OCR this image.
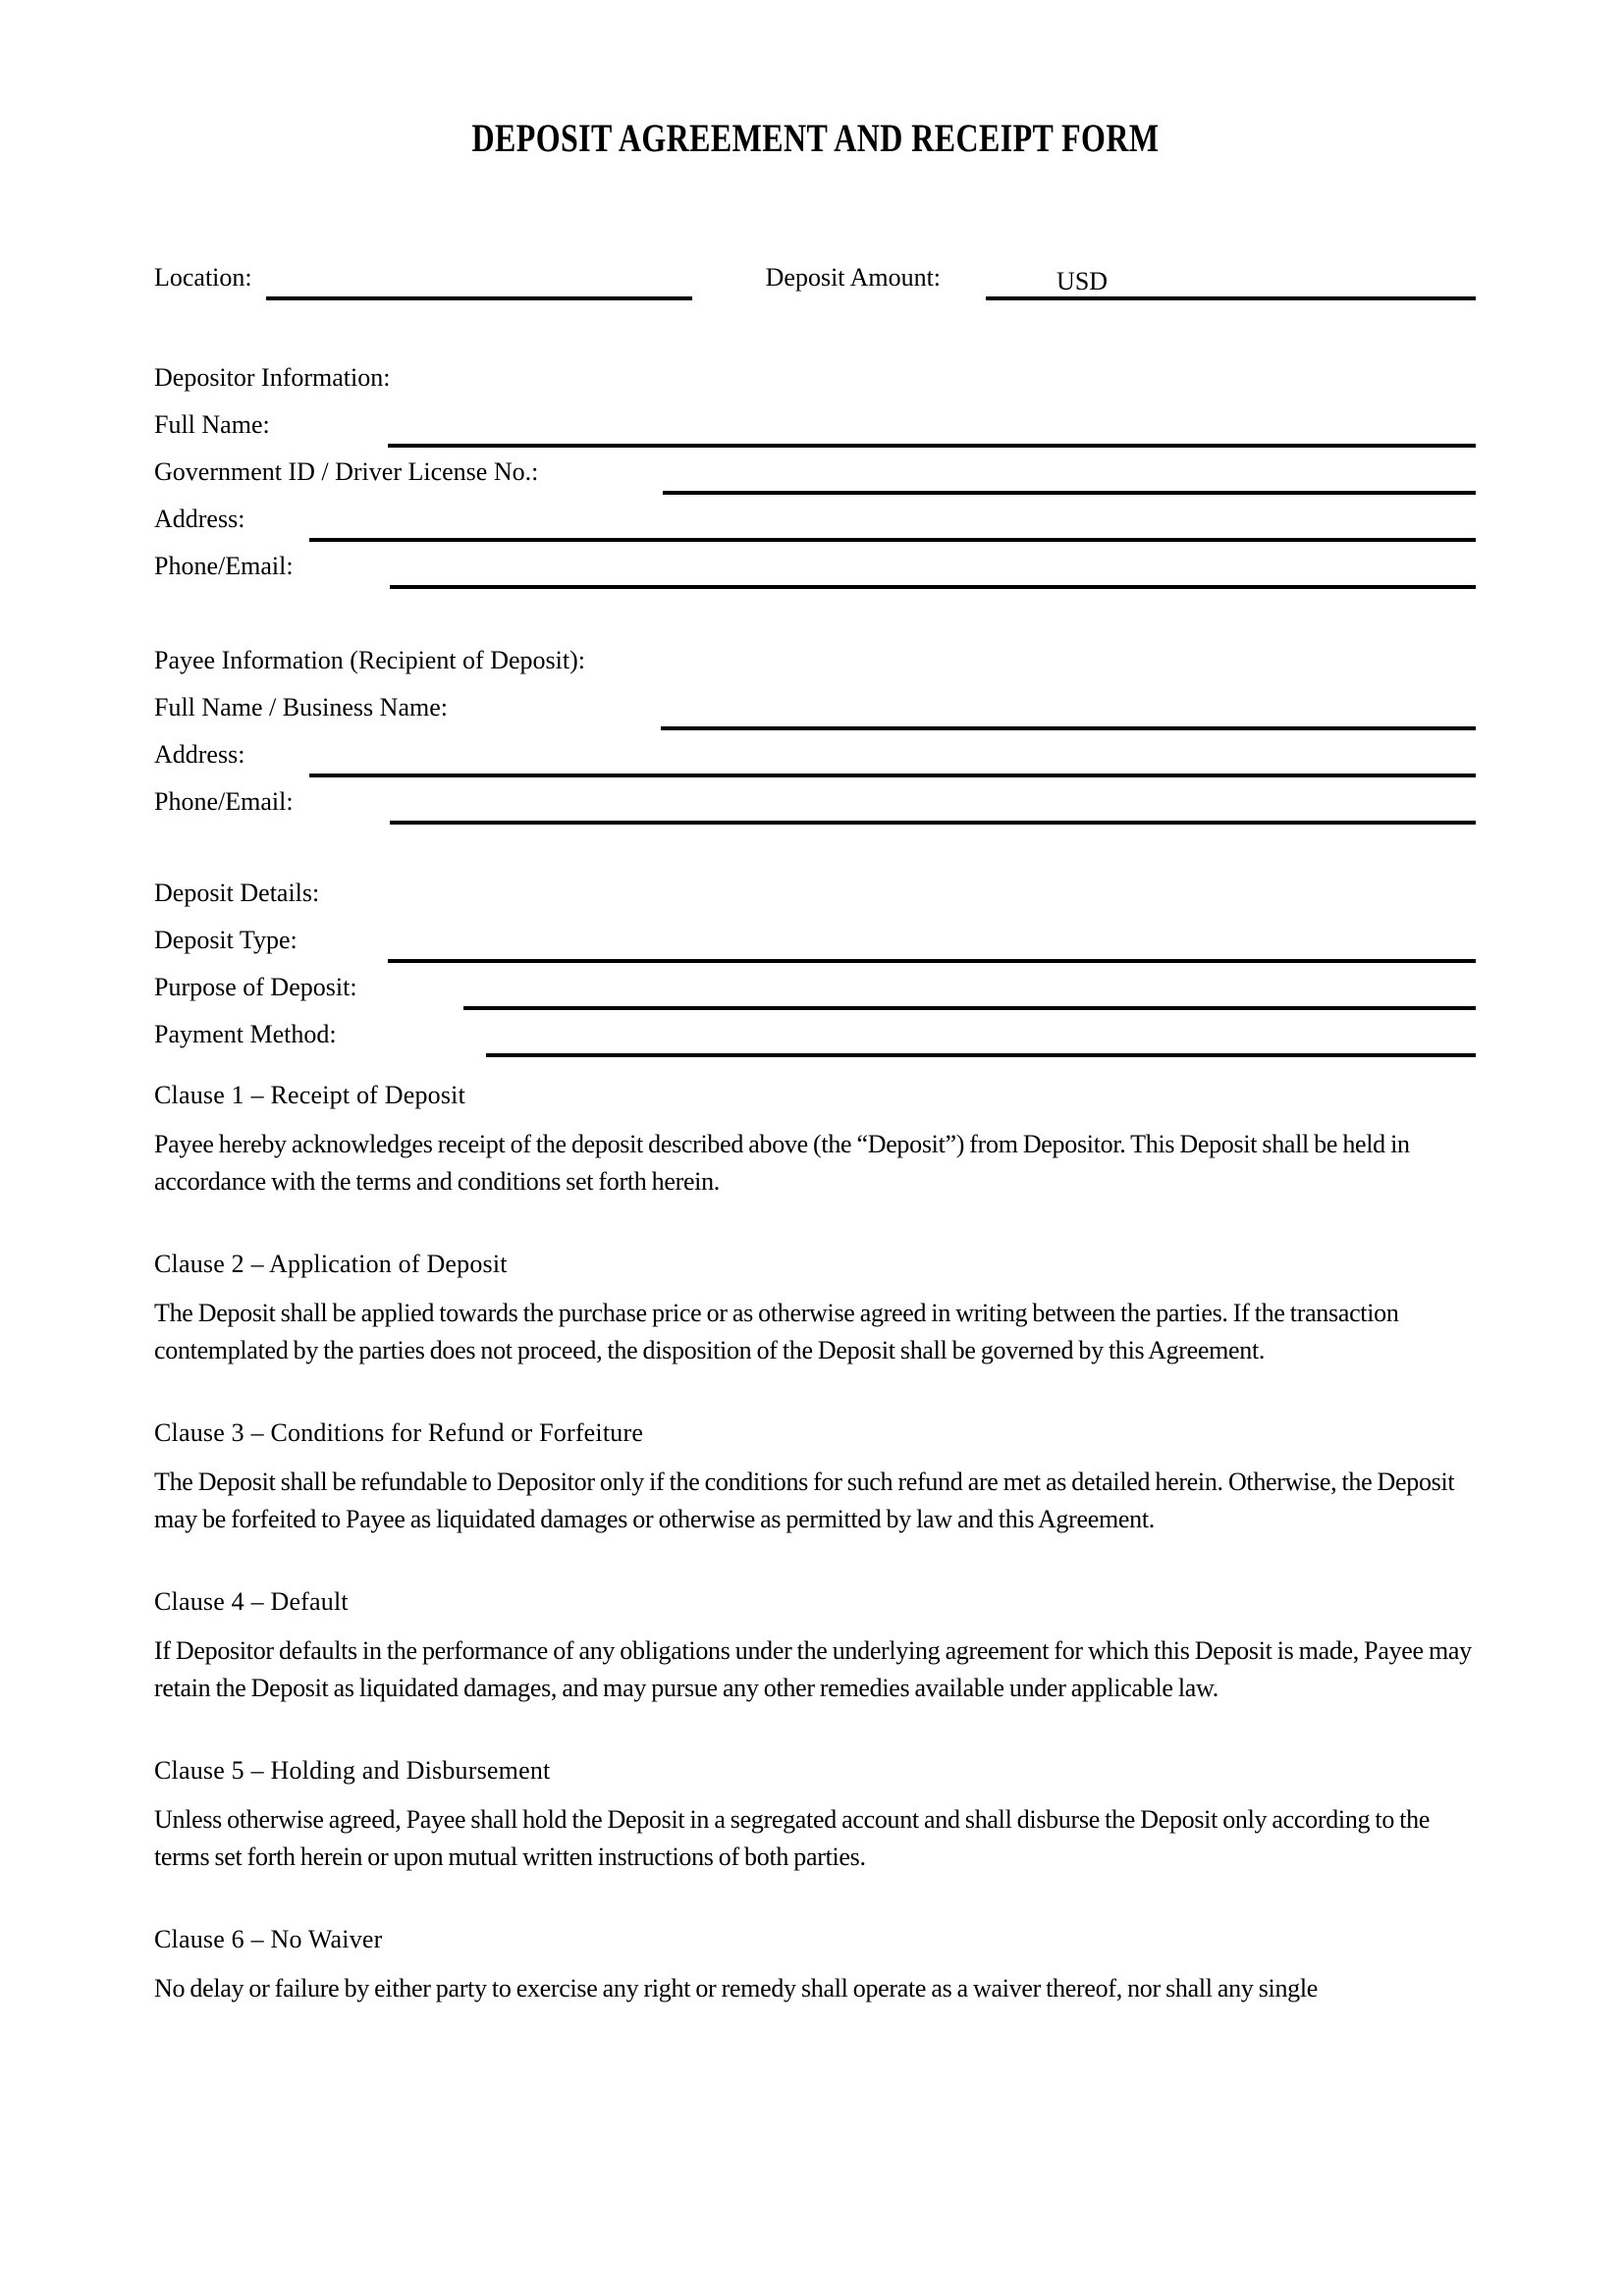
DEPOSIT AGREEMENT AND RECEIPT FORM
Location:	Deposit Amount:	USD
Depositor Information:
Full Name:
Government ID / Driver License No.:
Address:
Phone/Email:
Payee Information (Recipient of Deposit):
Full Name / Business Name:
Address:
Phone/Email:
Deposit Details:
Deposit Type:
Purpose of Deposit:
Payment Method:
Clause 1 – Receipt of Deposit

Payee hereby acknowledges receipt of the deposit described above (the “Deposit”) from Depositor. This Deposit shall be held in accordance with the terms and conditions set forth herein.

Clause 2 – Application of Deposit

The Deposit shall be applied towards the purchase price or as otherwise agreed in writing between the parties. If the transaction contemplated by the parties does not proceed, the disposition of the Deposit shall be governed by this Agreement.

Clause 3 – Conditions for Refund or Forfeiture

The Deposit shall be refundable to Depositor only if the conditions for such refund are met as detailed herein. Otherwise, the Deposit may be forfeited to Payee as liquidated damages or otherwise as permitted by law and this Agreement.

Clause 4 – Default

If Depositor defaults in the performance of any obligations under the underlying agreement for which this Deposit is made, Payee may retain the Deposit as liquidated damages, and may pursue any other remedies available under applicable law.

Clause 5 – Holding and Disbursement

Unless otherwise agreed, Payee shall hold the Deposit in a segregated account and shall disburse the Deposit only according to the terms set forth herein or upon mutual written instructions of both parties.

Clause 6 – No Waiver

No delay or failure by either party to exercise any right or remedy shall operate as a waiver thereof, nor shall any single
